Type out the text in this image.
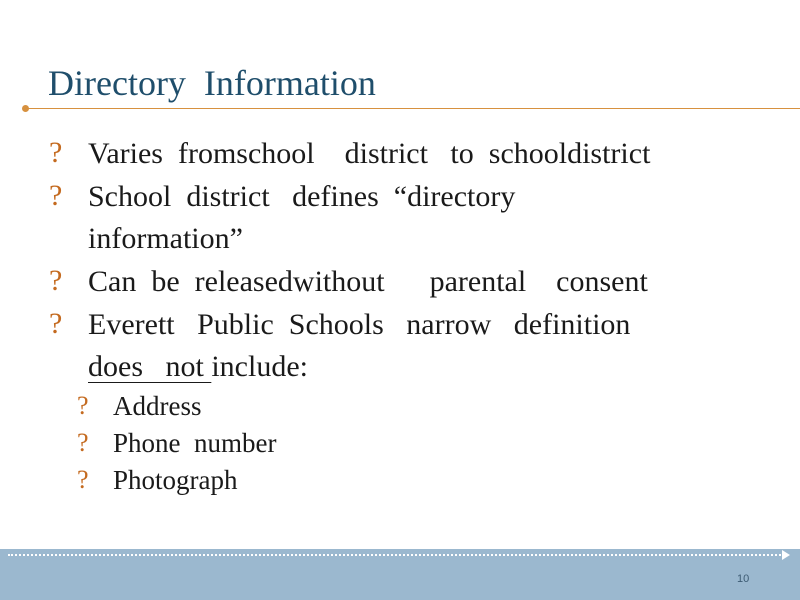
Directory  Information
? Varies  fromschool    district   to  schooldistrict
? School  district   defines  “directory
information”
? Can  be  releasedwithout      parental    consent
? Everett   Public  Schools   narrow   definition
does   not include:
? Address
? Phone  number
? Photograph
10
